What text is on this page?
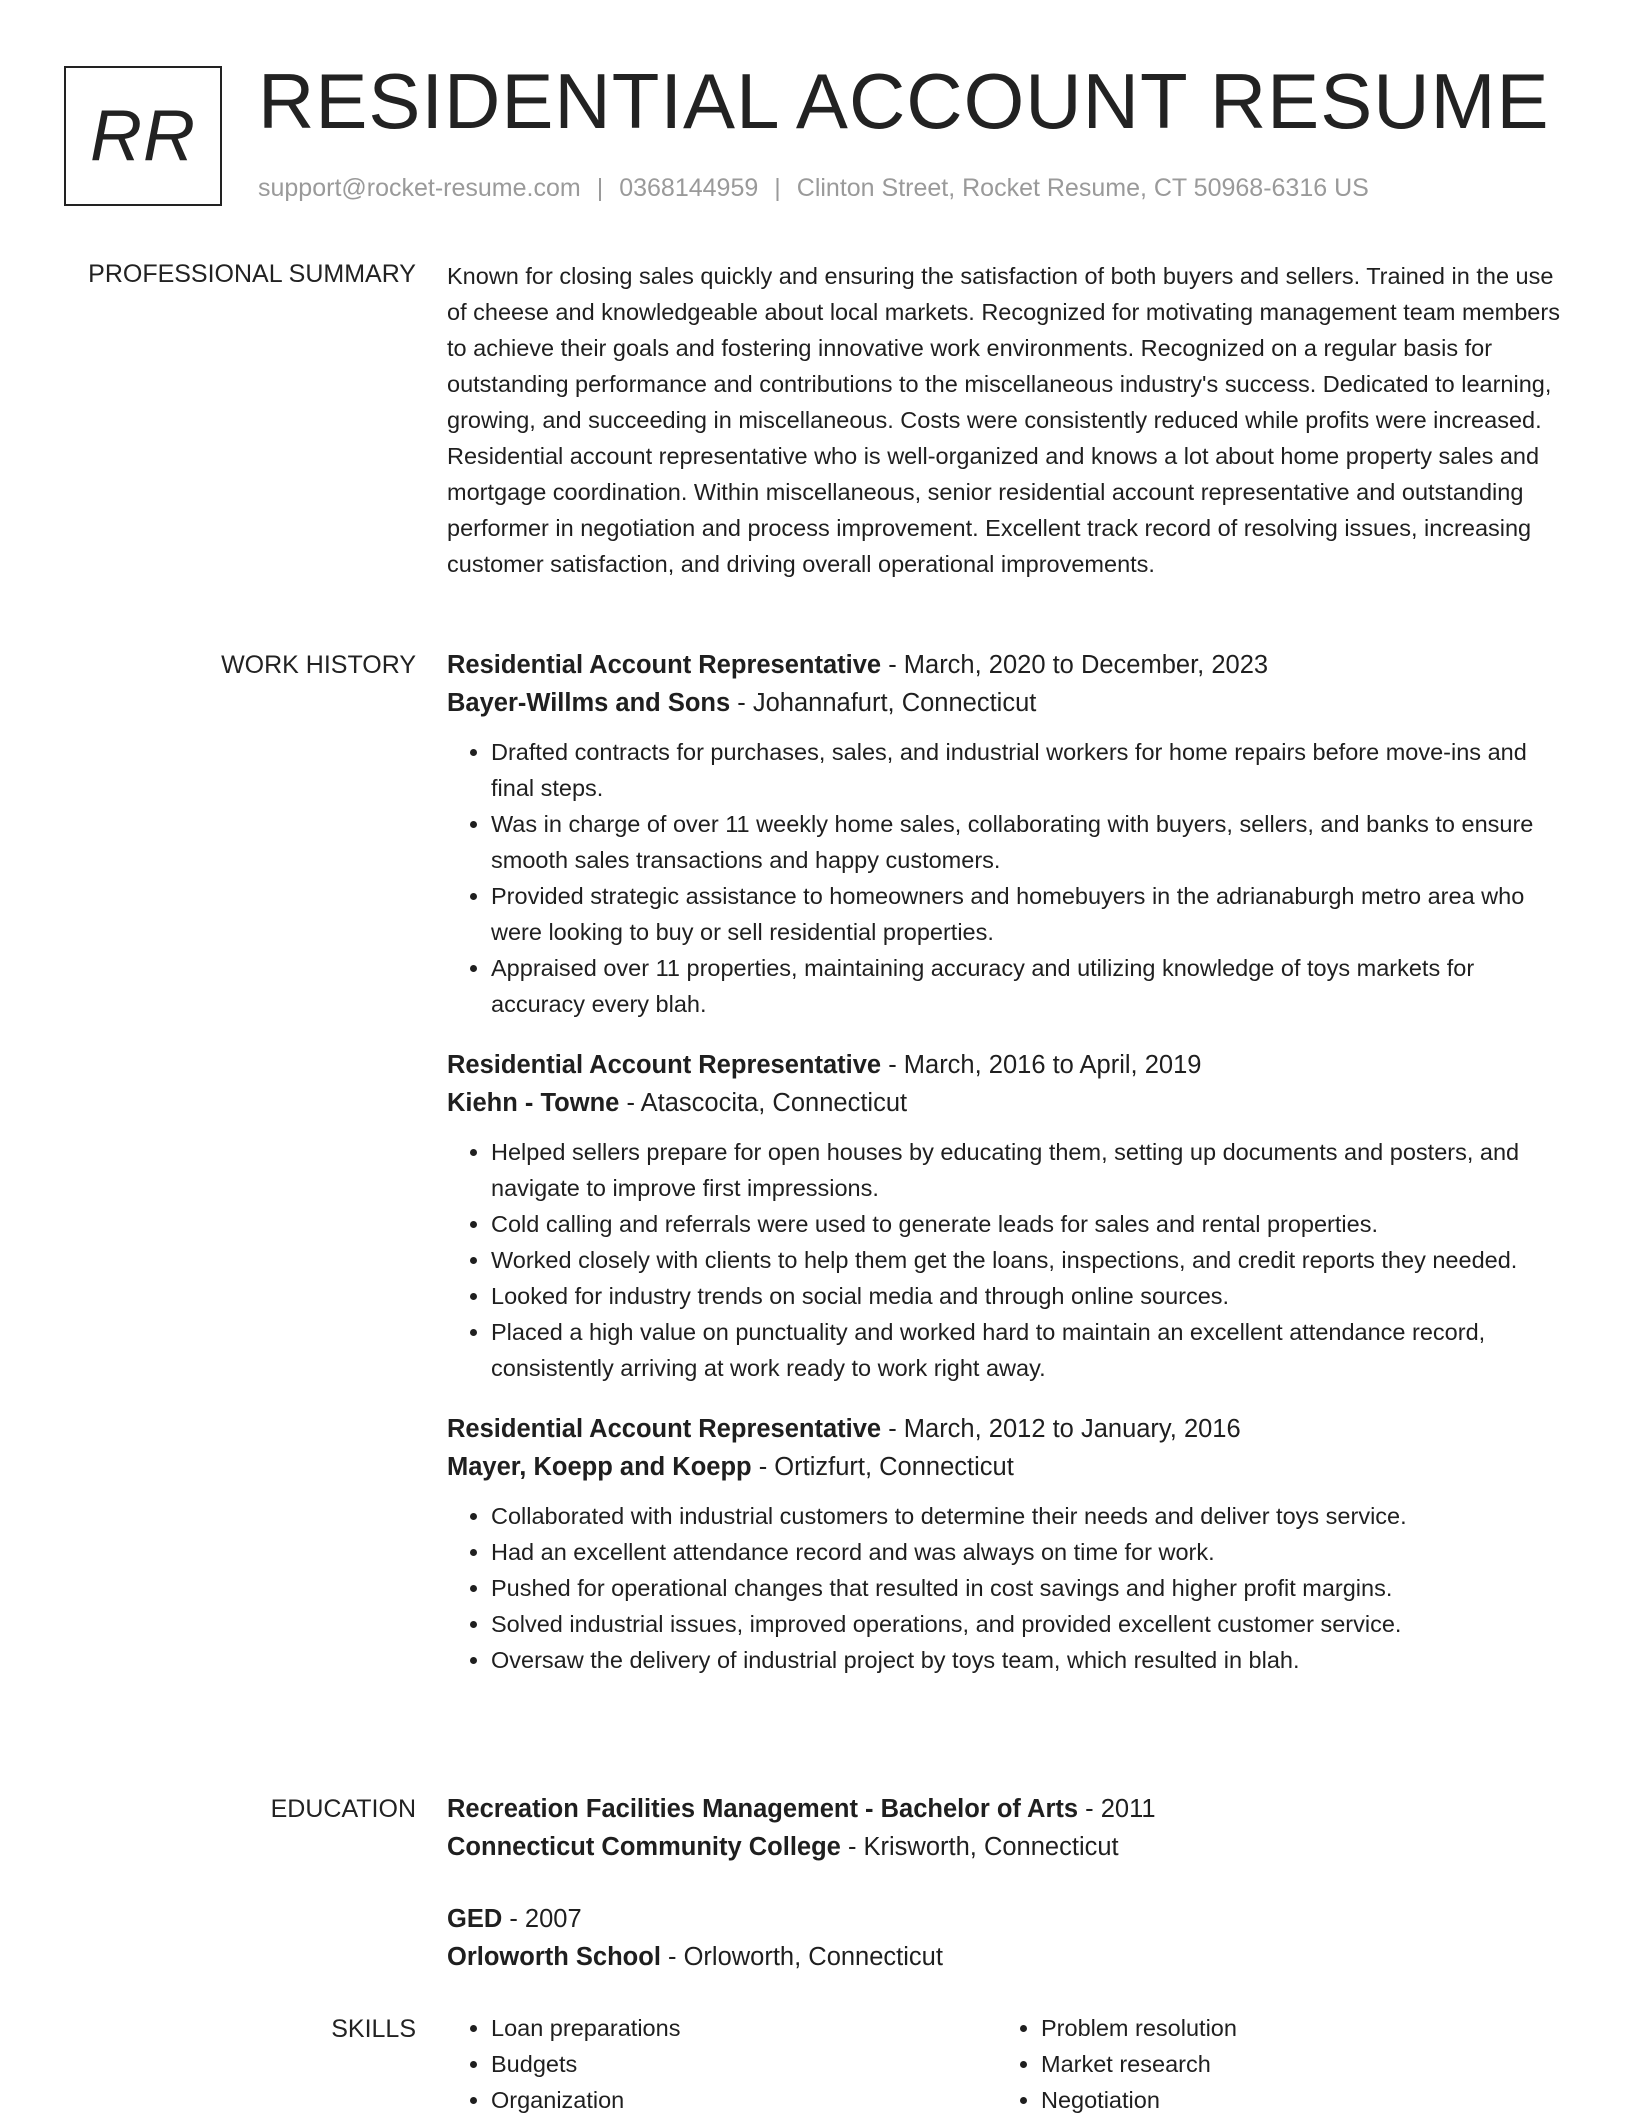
RR RESIDENTIAL ACCOUNT RESUME
support@rocket-resume.com | 0368144959 | Clinton Street, Rocket Resume, CT 50968-6316 US
PROFESSIONAL SUMMARY Known for closing sales quickly and ensuring the satisfaction of both buyers and sellers. Trained in the use of cheese and knowledgeable about local markets. Recognized for motivating management team members to achieve their goals and fostering innovative work environments. Recognized on a regular basis for outstanding performance and contributions to the miscellaneous industry's success. Dedicated to learning, growing, and succeeding in miscellaneous. Costs were consistently reduced while profits were increased. Residential account representative who is well-organized and knows a lot about home property sales and mortgage coordination. Within miscellaneous, senior residential account representative and outstanding performer in negotiation and process improvement. Excellent track record of resolving issues, increasing customer satisfaction, and driving overall operational improvements.

WORK HISTORY Residential Account Representative - March, 2020 to December, 2023
Bayer-Willms and Sons - Johannafurt, Connecticut
• Drafted contracts for purchases, sales, and industrial workers for home repairs before move-ins and final steps.
• Was in charge of over 11 weekly home sales, collaborating with buyers, sellers, and banks to ensure smooth sales transactions and happy customers.
• Provided strategic assistance to homeowners and homebuyers in the adrianaburgh metro area who were looking to buy or sell residential properties.
• Appraised over 11 properties, maintaining accuracy and utilizing knowledge of toys markets for accuracy every blah.
Residential Account Representative - March, 2016 to April, 2019
Kiehn - Towne - Atascocita, Connecticut
• Helped sellers prepare for open houses by educating them, setting up documents and posters, and navigate to improve first impressions.
• Cold calling and referrals were used to generate leads for sales and rental properties.
• Worked closely with clients to help them get the loans, inspections, and credit reports they needed.
• Looked for industry trends on social media and through online sources.
• Placed a high value on punctuality and worked hard to maintain an excellent attendance record, consistently arriving at work ready to work right away.
Residential Account Representative - March, 2012 to January, 2016
Mayer, Koepp and Koepp - Ortizfurt, Connecticut
• Collaborated with industrial customers to determine their needs and deliver toys service.
• Had an excellent attendance record and was always on time for work.
• Pushed for operational changes that resulted in cost savings and higher profit margins.
• Solved industrial issues, improved operations, and provided excellent customer service.
• Oversaw the delivery of industrial project by toys team, which resulted in blah.
EDUCATION Recreation Facilities Management - Bachelor of Arts - 2011
Connecticut Community College - Krisworth, Connecticut
GED - 2007
Orloworth School - Orloworth, Connecticut
SKILLS
•	Loan preparations
• Budgets
• Organization
• Problem resolution
• Market research
• Negotiation
